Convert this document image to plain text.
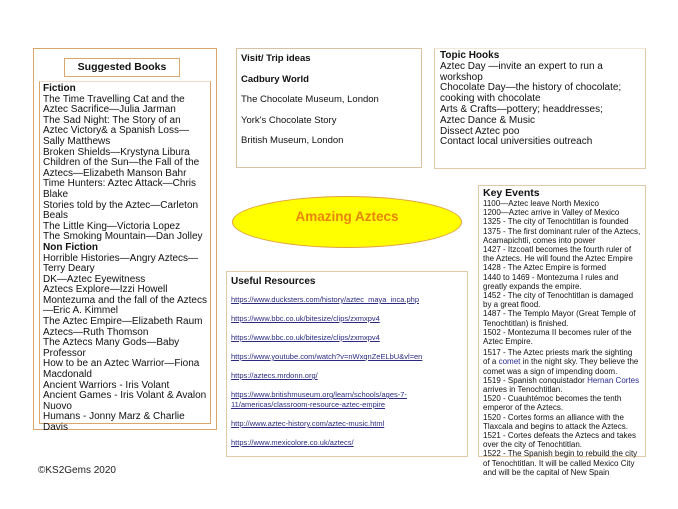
Suggested Books
Fiction
The Time Travelling Cat and the Aztec Sacrifice—Julia Jarman
The Sad Night: The Story of an Aztec Victory& a Spanish Loss—Sally Matthews
Broken Shields—Krystyna Libura
Children of the Sun—the Fall of the Aztecs—Elizabeth Manson Bahr
Time Hunters: Aztec Attack—Chris Blake
Stories told by the Aztec—Carleton Beals
The Little King—Victoria Lopez
The Smoking Mountain—Dan Jolley
Non Fiction
Horrible Histories—Angry Aztecs—Terry Deary
DK—Aztec Eyewitness
Aztecs Explore—Izzi Howell
Montezuma and the fall of the Aztecs—Eric A. Kimmel
The Aztec Empire—Elizabeth Raum
Aztecs—Ruth Thomson
The Aztecs Many Gods—Baby Professor
How to be an Aztec Warrior—Fiona Macdonald
Ancient Warriors - Iris Volant
Ancient Games - Iris Volant & Avalon Nuovo
Humans - Jonny Marz & Charlie Davis
Visit/ Trip ideas
Cadbury World
The Chocolate Museum, London
York's Chocolate Story
British Museum, London
Topic Hooks
Aztec Day —invite an expert to run a workshop
Chocolate Day—the history of chocolate; cooking with chocolate
Arts & Crafts—pottery; headdresses;
Aztec Dance & Music
Dissect Aztec poo
Contact local universities outreach
Amazing Aztecs
Useful Resources
https://www.ducksters.com/history/aztec_maya_inca.php
https://www.bbc.co.uk/bitesize/clips/zxmxpv4
https://www.bbc.co.uk/bitesize/clips/zxmxpv4
https://www.youtube.com/watch?v=nWxqnZeELbU&vl=en
https://aztecs.mrdonn.org/
https://www.britishmuseum.org/learn/schools/ages-7-11/americas/classroom-resource-aztec-empire
http://www.aztec-history.com/aztec-music.html
https://www.mexicolore.co.uk/aztecs/
Key Events
1100—Aztec leave North Mexico
1200—Aztec arrive in Valley of Mexico
1325 - The city of Tenochtitlan is founded
1375 - The first dominant ruler of the Aztecs, Acamapichtli, comes into power
1427 - Itzcoatl becomes the fourth ruler of the Aztecs. He will found the Aztec Empire
1428 - The Aztec Empire is formed
1440 to 1469 - Montezuma I rules and greatly expands the empire.
1452 - The city of Tenochtitlan is damaged by a great flood.
1487 - The Templo Mayor (Great Temple of Tenochtitlan) is finished.
1502 - Montezuma II becomes ruler of the Aztec Empire.
1517 - The Aztec priests mark the sighting of a comet in the night sky. They believe the comet was a sign of impending doom.
1519 - Spanish conquistador Hernan Cortes arrives in Tenochtitlan.
1520 - Cuauhtémoc becomes the tenth emperor of the Aztecs.
1520 - Cortes forms an alliance with the Tlaxcala and begins to attack the Aztecs.
1521 - Cortes defeats the Aztecs and takes over the city of Tenochtitlan.
1522 - The Spanish begin to rebuild the city of Tenochtitlan. It will be called Mexico City and will be the capital of New Spain
©KS2Gems 2020
